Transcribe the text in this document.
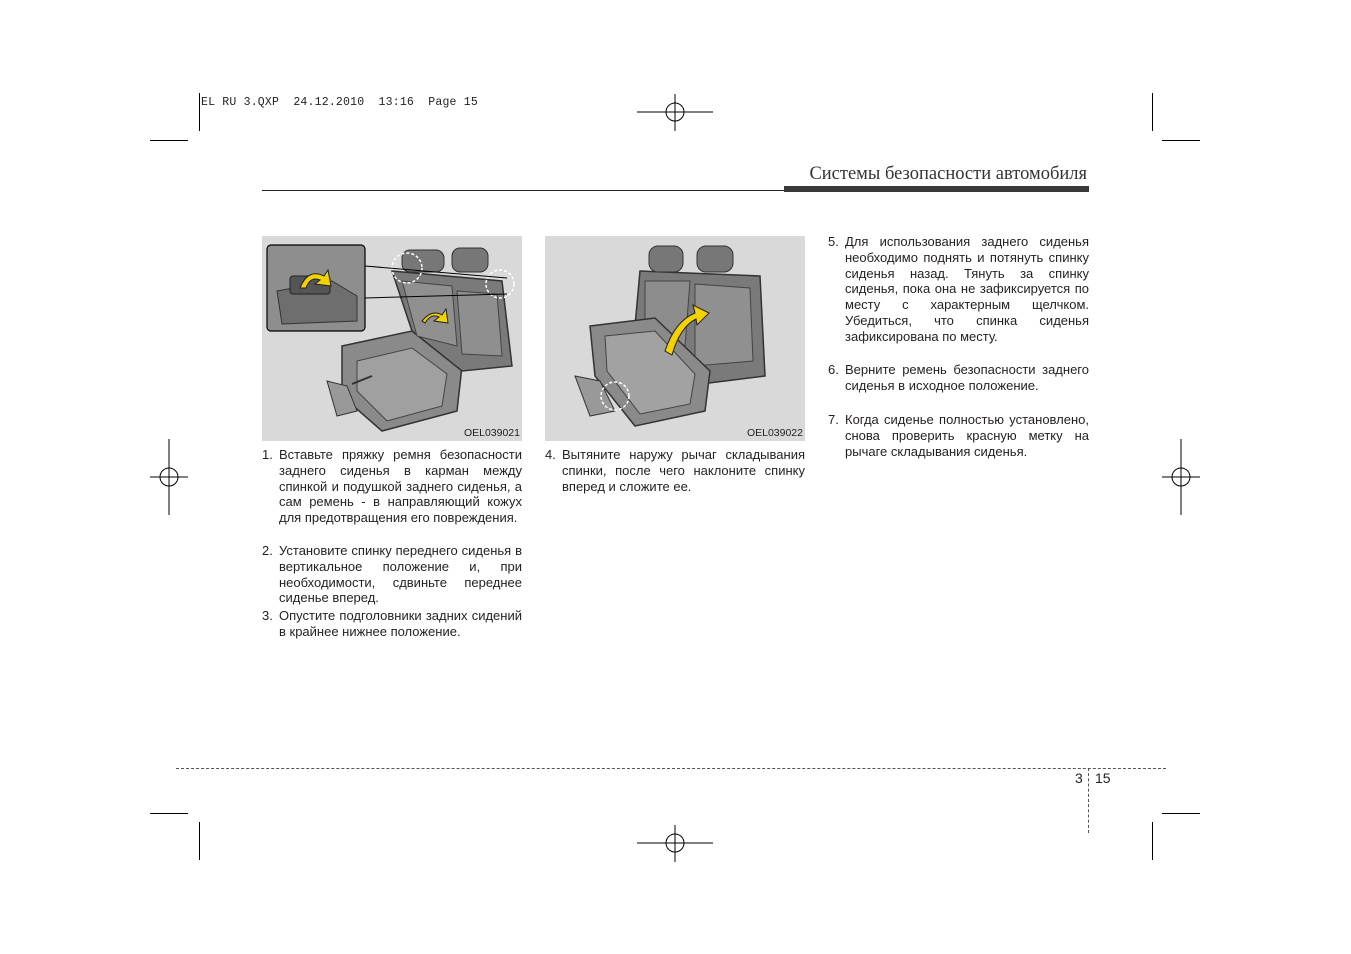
EL RU 3.QXP  24.12.2010  13:16  Page 15
Системы безопасности автомобиля
OEL039021	OEL039022
1. Вставьте пряжку ремня безопасности заднего сиденья в карман между спинкой и подушкой заднего сиденья, а сам ремень - в направляющий кожух для предотвращения его повреждения.
2. Установите спинку переднего сиденья в вертикальное положение и, при необходимости, сдвиньте переднее сиденье вперед.
3. Опустите подголовники задних сидений в крайнее нижнее положение.
4. Вытяните наружу рычаг складывания спинки, после чего наклоните спинку вперед и сложите ее.
5. Для использования заднего сиденья необходимо поднять и потянуть спинку сиденья назад. Тянуть за спинку сиденья, пока она не зафиксируется по месту с характерным щелчком. Убедиться, что спинка сиденья зафиксирована по месту.
6. Верните ремень безопасности заднего сиденья в исходное положение.
7. Когда сиденье полностью установлено, снова проверить красную метку на рычаге складывания сиденья.
3 15
